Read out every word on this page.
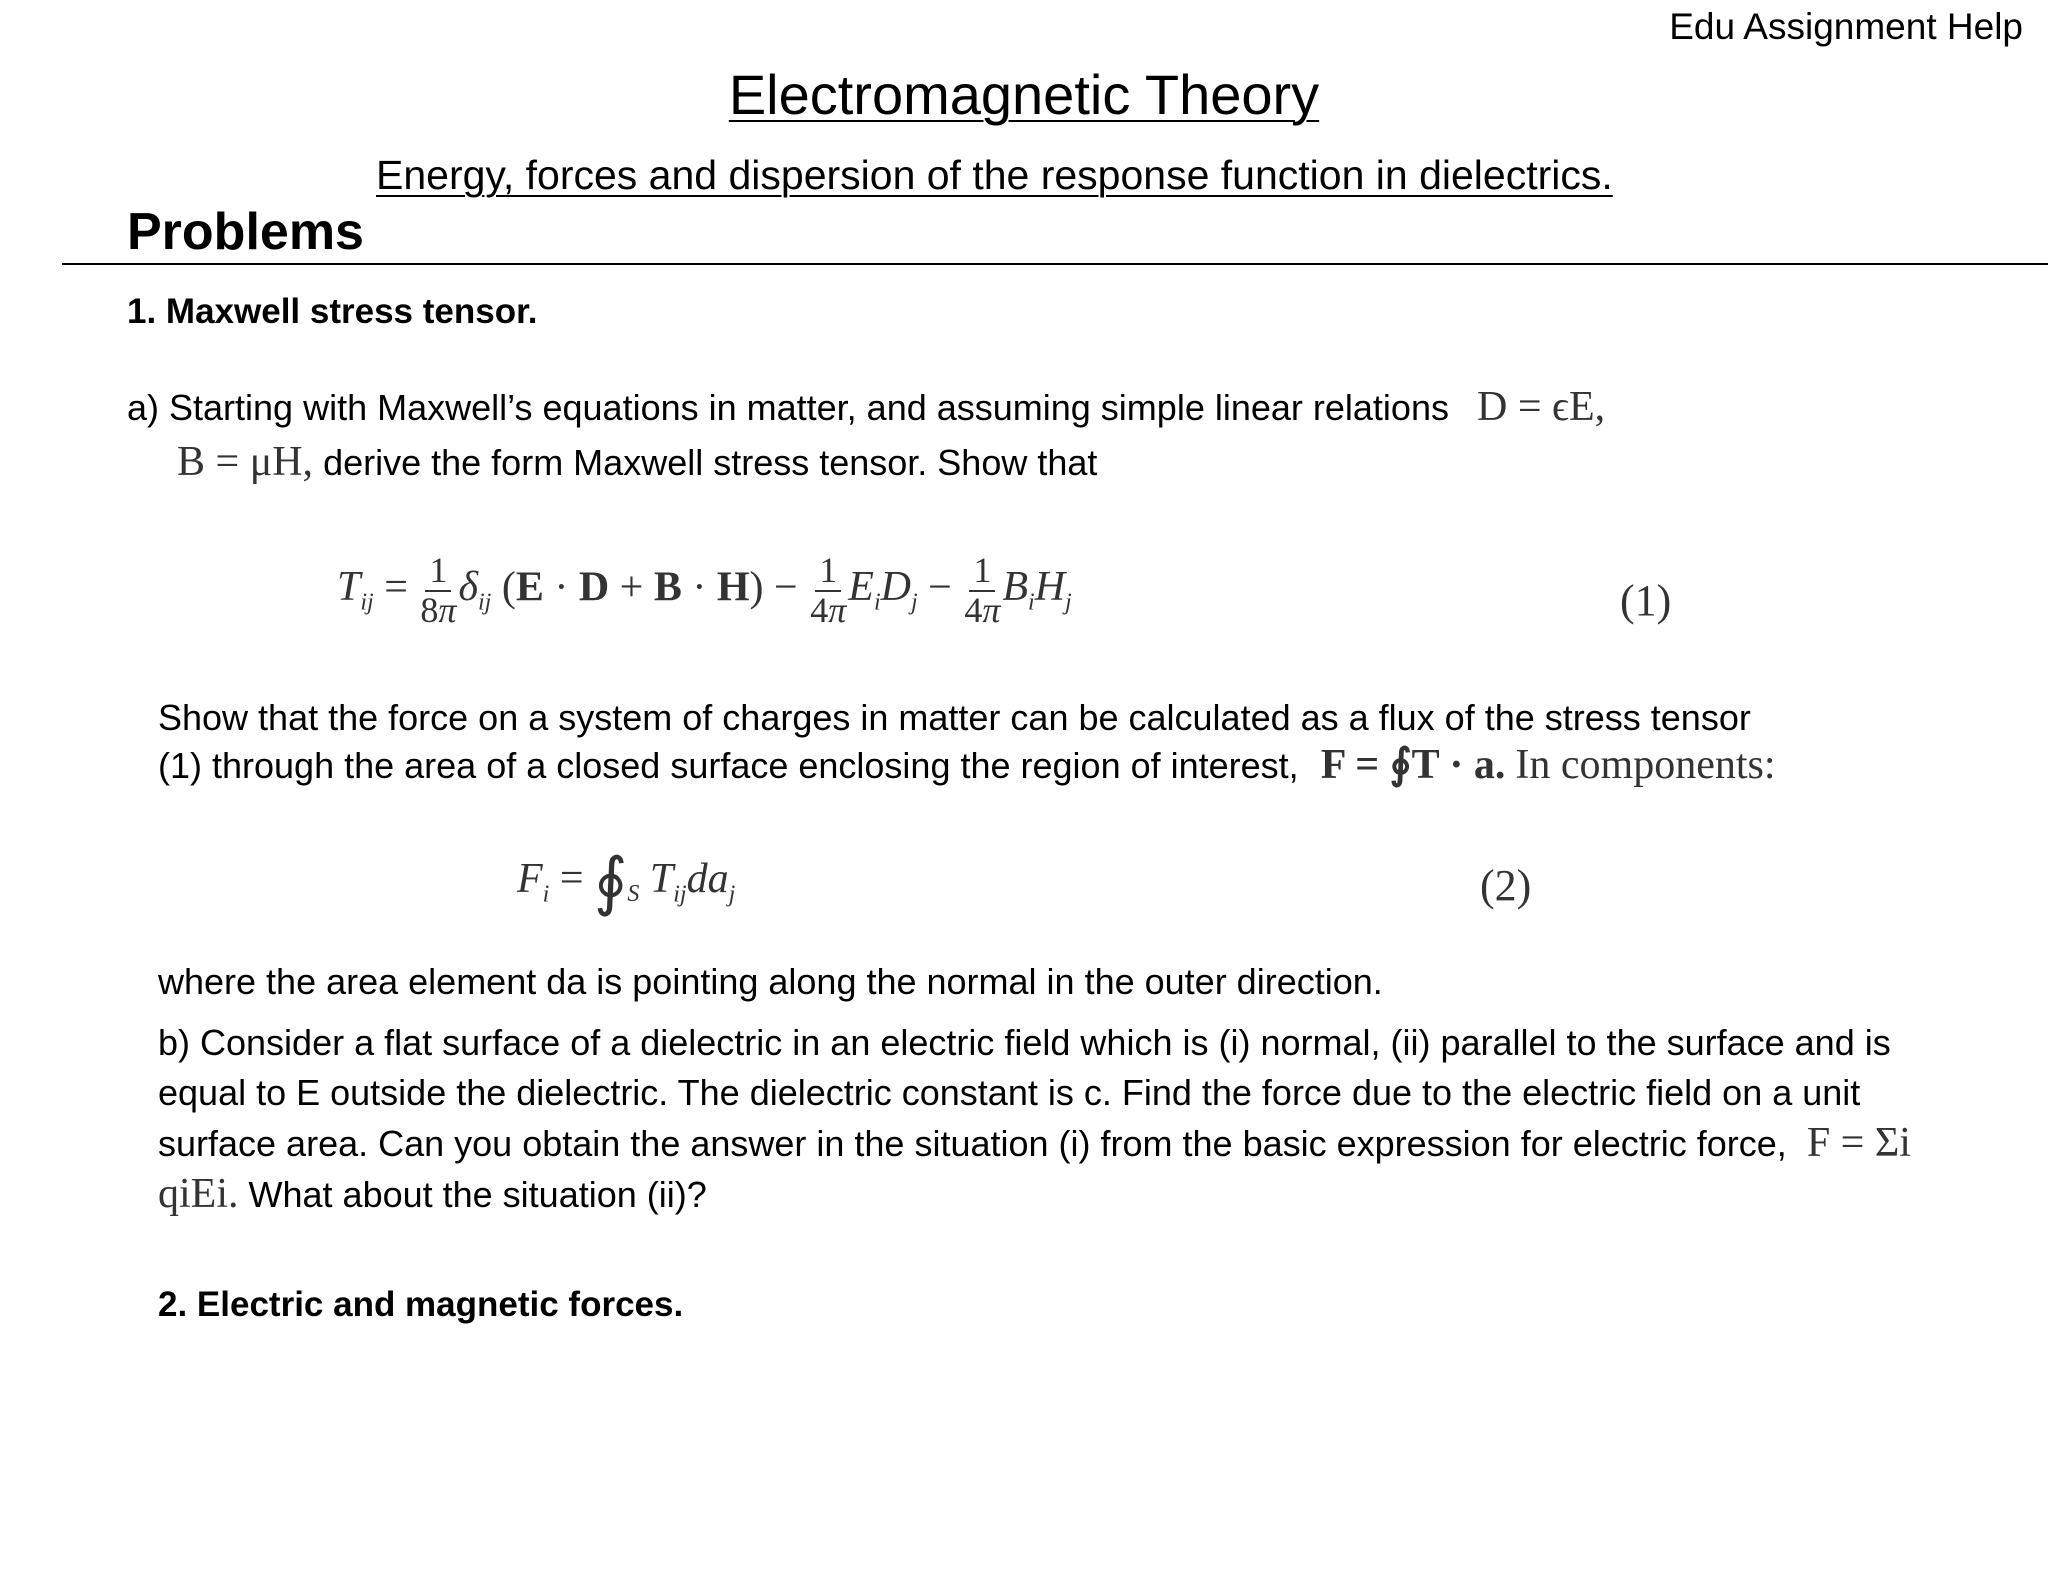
Edu Assignment Help
Electromagnetic Theory
Energy, forces and dispersion of the response function in dielectrics.
Problems
1. Maxwell stress tensor.
a) Starting with Maxwell’s equations in matter, and assuming simple linear relations D = ϵE,
B = μH, derive the form Maxwell stress tensor. Show that
$T_{ij} = \frac{1}{8\pi} \delta_{ij}$ $(E \cdot D + B \cdot H) - \frac{1}{4\pi} E_iD_j - \frac{1}{4\pi} B_iH_j$	(1)
Show that the force on a system of charges in matter can be calculated as a flux of the stress tensor
(1) through the area of a closed surface enclosing the region of interest, F = ∮T · a. In components:
$F_i$ = $∮_S$ $T_{ij}da_j$	(2)
where the area element da is pointing along the normal in the outer direction.
b) Consider a flat surface of a dielectric in an electric field which is (i) normal, (ii) parallel to the surface and is equal to E outside the dielectric. The dielectric constant is c. Find the force due to the electric field on a unit surface area. Can you obtain the answer in the situation (i) from the basic expression for electric force, F = Σi qiEi. What about the situation (ii)?
2. Electric and magnetic forces.
